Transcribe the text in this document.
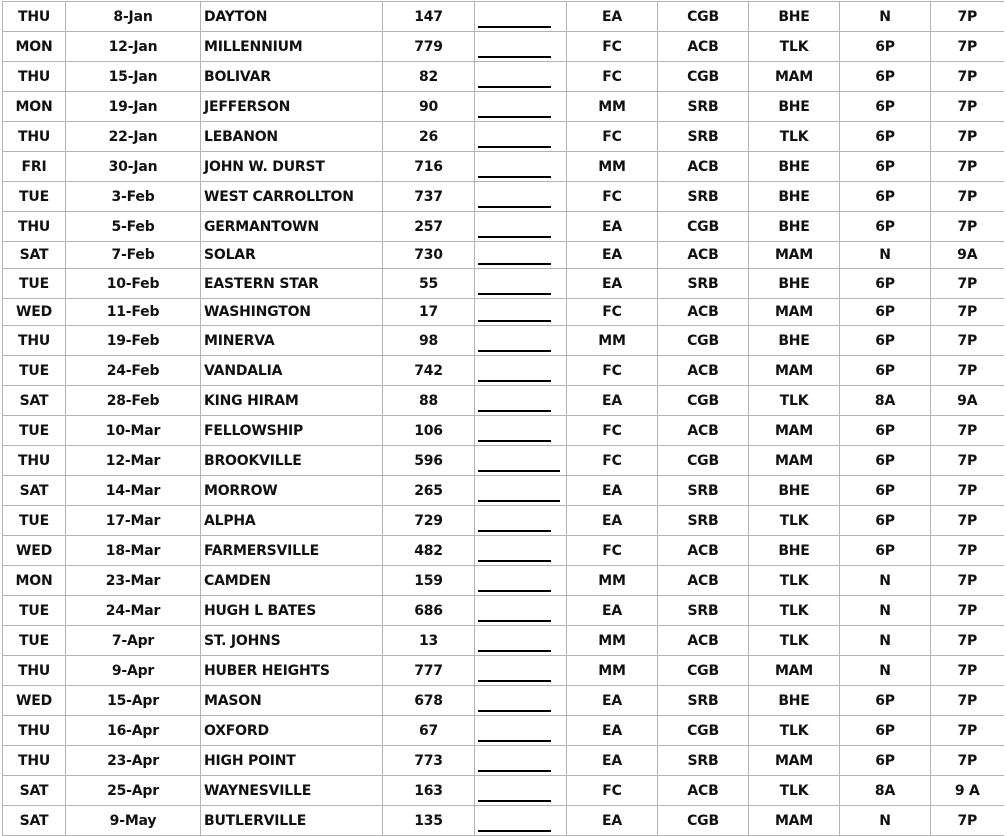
THU	8-Jan	DAYTON	147		EA	CGB	BHE	N	7P
MON	12-Jan	MILLENNIUM	779		FC	ACB	TLK	6P	7P
THU	15-Jan	BOLIVAR	82		FC	CGB	MAM	6P	7P
MON	19-Jan	JEFFERSON	90		MM	SRB	BHE	6P	7P
THU	22-Jan	LEBANON	26		FC	SRB	TLK	6P	7P
FRI	30-Jan	JOHN W. DURST	716		MM	ACB	BHE	6P	7P
TUE	3-Feb	WEST CARROLLTON	737		FC	SRB	BHE	6P	7P
THU	5-Feb	GERMANTOWN	257		EA	CGB	BHE	6P	7P
SAT	7-Feb	SOLAR	730		EA	ACB	MAM	N	9A
TUE	10-Feb	EASTERN STAR	55		EA	SRB	BHE	6P	7P
WED	11-Feb	WASHINGTON	17		FC	ACB	MAM	6P	7P
THU	19-Feb	MINERVA	98		MM	CGB	BHE	6P	7P
TUE	24-Feb	VANDALIA	742		FC	ACB	MAM	6P	7P
SAT	28-Feb	KING HIRAM	88		EA	CGB	TLK	8A	9A
TUE	10-Mar	FELLOWSHIP	106		FC	ACB	MAM	6P	7P
THU	12-Mar	BROOKVILLE	596		FC	CGB	MAM	6P	7P
SAT	14-Mar	MORROW	265		EA	SRB	BHE	6P	7P
TUE	17-Mar	ALPHA	729		EA	SRB	TLK	6P	7P
WED	18-Mar	FARMERSVILLE	482		FC	ACB	BHE	6P	7P
MON	23-Mar	CAMDEN	159		MM	ACB	TLK	N	7P
TUE	24-Mar	HUGH L BATES	686		EA	SRB	TLK	N	7P
TUE	7-Apr	ST. JOHNS	13		MM	ACB	TLK	N	7P
THU	9-Apr	HUBER HEIGHTS	777		MM	CGB	MAM	N	7P
WED	15-Apr	MASON	678		EA	SRB	BHE	6P	7P
THU	16-Apr	OXFORD	67		EA	CGB	TLK	6P	7P
THU	23-Apr	HIGH POINT	773		EA	SRB	MAM	6P	7P
SAT	25-Apr	WAYNESVILLE	163		FC	ACB	TLK	8A	9 A
SAT	9-May	BUTLERVILLE	135		EA	CGB	MAM	N	7P
